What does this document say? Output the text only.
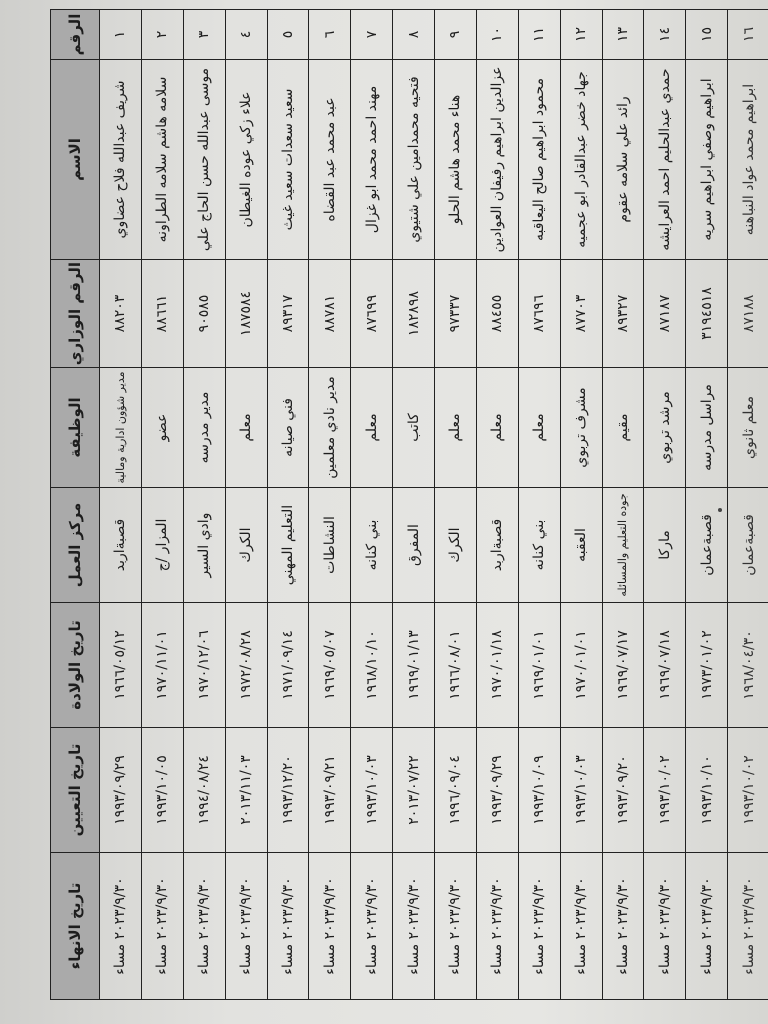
الرقم	الاسم	الرقم الوزاري	الوظيفة	مركز العمل	تاريخ الولادة	تاريخ التعيين	تاريخ الانهاء
١	شريف عبدالله فلاح عضاوي	٨٨٢٠٣	مدير شؤون ادارية ومالية	قصبةاربد	١٩٦٦/٠٥/١٢	١٩٩٣/٠٩/٢٩	٢٠٢٣/٩/٣٠ مساء
٢	سلامه هاشم سلامه الطراونه	٨٨٦٦١	عضو	المزار /ج	١٩٧٠/١١/٠١	١٩٩٣/١٠/٠٥	٢٠٢٣/٩/٣٠ مساء
٣	موسى عبدالله حسن الحاج علي	٩٠٥٨٥	مدير مدرسه	وادي السير	١٩٧٠/١٢/٠٦	١٩٩٤/٠٨/٢٤	٢٠٢٣/٩/٣٠ مساء
٤	علاء زكي عوده الغيطان	١٨٧٥٨٤	معلم	الكرك	١٩٧٢/٠٨/٢٨	٢٠١٣/١١/٠٣	٢٠٢٣/٩/٣٠ مساء
٥	سعيد سعدات سعيد غيث	٨٩٣١٧	فني صيانه	التعليم المهني	١٩٧١/٠٩/١٤	١٩٩٣/١٢/٢٠	٢٠٢٣/٩/٣٠ مساء
٦	عبد محمد عبد القضاه	٨٨٧٨١	مدير نادي معلمين	النشاطات	١٩٦٩/٠٥/٠٧	١٩٩٣/٠٩/٢١	٢٠٢٣/٩/٣٠ مساء
٧	مهند احمد محمد ابو غزال	٨٧٦٩٩	معلم	بني كنانه	١٩٦٨/١٠/١٠	١٩٩٣/١٠/٠٣	٢٠٢٣/٩/٣٠ مساء
٨	فتحيه محمدامين علي شتيوي	١٨٢٨٩٨	كاتب	المفرق	١٩٦٩/٠١/١٣	٢٠١٣/٠٧/٢٢	٢٠٢٣/٩/٣٠ مساء
٩	هناء محمد هاشم الحلو	٩٧٣٣٧	معلم	الكرك	١٩٦٦/٠٨/٠١	١٩٩٦/٠٩/٠٤	٢٠٢٣/٩/٣٠ مساء
١٠	عزالدين ابراهيم رفيفان العوادين	٨٨٤٥٥	معلم	قصبةاربد	١٩٧٠/٠١/١٨	١٩٩٣/٠٩/٢٩	٢٠٢٣/٩/٣٠ مساء
١١	محمود ابراهيم صالح اليعاقبه	٨٧٦٩٦	معلم	بني كنانه	١٩٦٩/٠١/٠١	١٩٩٣/١٠/٠٩	٢٠٢٣/٩/٣٠ مساء
١٢	جهاد خضر عبدالقادر ابو عجميه	٨٧٧٠٣	مشرف تربوي	العقبه	١٩٧٠/٠١/٠١	١٩٩٣/١٠/٠٣	٢٠٢٣/٩/٣٠ مساء
١٣	رائد علي سلامه عقوم	٨٩٣٢٧	مقيم	جوده التعليم والمسائله	١٩٦٩/٠٧/١٧	١٩٩٣/٠٩/٢٠	٢٠٢٣/٩/٣٠ مساء
١٤	حمدي عبدالحليم احمد العرايشه	٨٧١٨٧	مرشد تربوي	ماركا	١٩٦٩/٠٧/١٨	١٩٩٣/١٠/٠٢	٢٠٢٣/٩/٣٠ مساء
١٥	ابراهيم وصفي ابراهيم سريه	٣١٩٤٥١٨	مراسل مدرسه	قصبةعمان	١٩٧٣/٠١/٠٢	١٩٩٣/١٠/١٠	٢٠٢٣/٩/٣٠ مساء
١٦	ابراهيم محمد عواد النباهنه	٨٧١٨٨	معلم ثانوي	قصبةعمان	١٩٦٨/٠٤/٣٠	١٩٩٣/١٠/٠٢	٢٠٢٣/٩/٣٠ مساء
